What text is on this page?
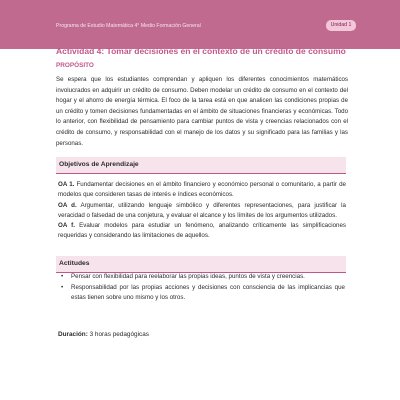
Programa de Estudio Matemática 4° Medio Formación General	Unidad 1
Actividad 4: Tomar decisiones en el contexto de un crédito de consumo
PROPÓSITO
Se espera que los estudiantes comprendan y apliquen los diferentes conocimientos matemáticos involucrados en adquirir un crédito de consumo. Deben modelar un crédito de consumo en el contexto del hogar y el ahorro de energía térmica. El foco de la tarea está en que analicen las condiciones propias de un crédito y tomen decisiones fundamentadas en el ámbito de situaciones financieras y económicas. Todo lo anterior, con flexibilidad de pensamiento para cambiar puntos de vista y creencias relacionados con el crédito de consumo, y responsabilidad con el manejo de los datos y su significado para las familias y las personas.
Objetivos de Aprendizaje

OA 1. Fundamentar decisiones en el ámbito financiero y económico personal o comunitario, a partir de modelos que consideren tasas de interés e índices económicos.

OA d. Argumentar, utilizando lenguaje simbólico y diferentes representaciones, para justificar la veracidad o falsedad de una conjetura, y evaluar el alcance y los límites de los argumentos utilizados.

OA f. Evaluar modelos para estudiar un fenómeno, analizando críticamente las simplificaciones requeridas y considerando las limitaciones de aquellos.

Actitudes
• Pensar con flexibilidad para reelaborar las propias ideas, puntos de vista y creencias.
• Responsabilidad por las propias acciones y decisiones con consciencia de las implicancias que estas tienen sobre uno mismo y los otros.
Duración: 3 horas pedagógicas
